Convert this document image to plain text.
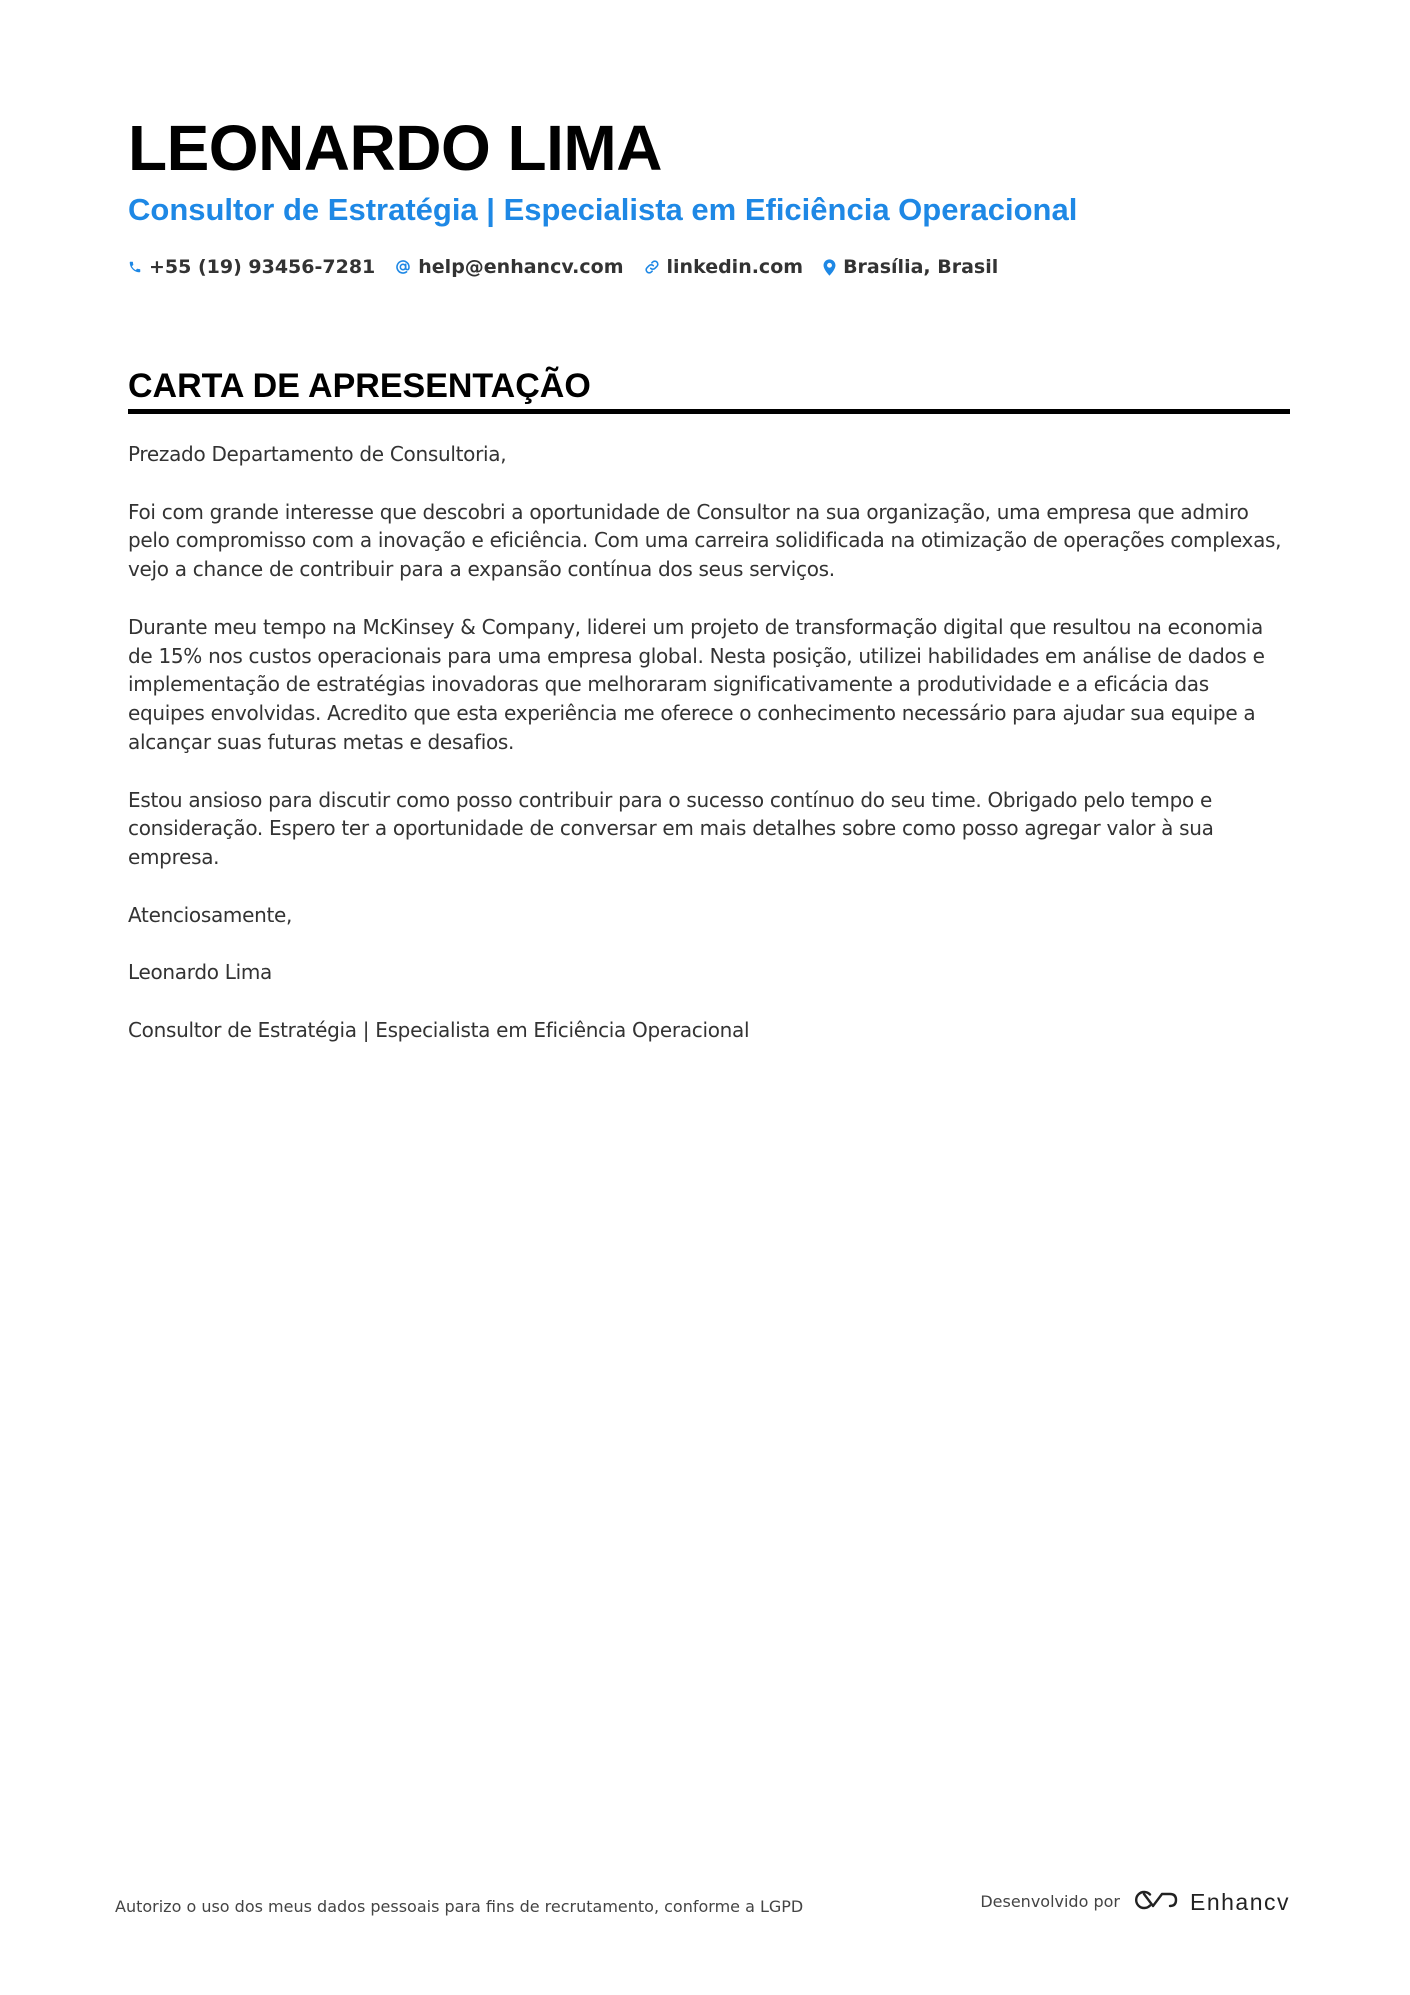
LEONARDO LIMA
Consultor de Estratégia | Especialista em Eficiência Operacional
+55 (19) 93456-7281 help@enhancv.com linkedin.com Brasília, Brasil
CARTA DE APRESENTAÇÃO

Prezado Departamento de Consultoria,

Foi com grande interesse que descobri a oportunidade de Consultor na sua organização, uma empresa que admiro pelo compromisso com a inovação e eficiência. Com uma carreira solidificada na otimização de operações complexas, vejo a chance de contribuir para a expansão contínua dos seus serviços.

Durante meu tempo na McKinsey & Company, liderei um projeto de transformação digital que resultou na economia de 15% nos custos operacionais para uma empresa global. Nesta posição, utilizei habilidades em análise de dados e implementação de estratégias inovadoras que melhoraram significativamente a produtividade e a eficácia das equipes envolvidas. Acredito que esta experiência me oferece o conhecimento necessário para ajudar sua equipe a alcançar suas futuras metas e desafios.

Estou ansioso para discutir como posso contribuir para o sucesso contínuo do seu time. Obrigado pelo tempo e consideração. Espero ter a oportunidade de conversar em mais detalhes sobre como posso agregar valor à sua empresa.

Atenciosamente,

Leonardo Lima

Consultor de Estratégia | Especialista em Eficiência Operacional

Autorizo o uso dos meus dados pessoais para fins de recrutamento, conforme a LGPD	Desenvolvido por	Enhancv
